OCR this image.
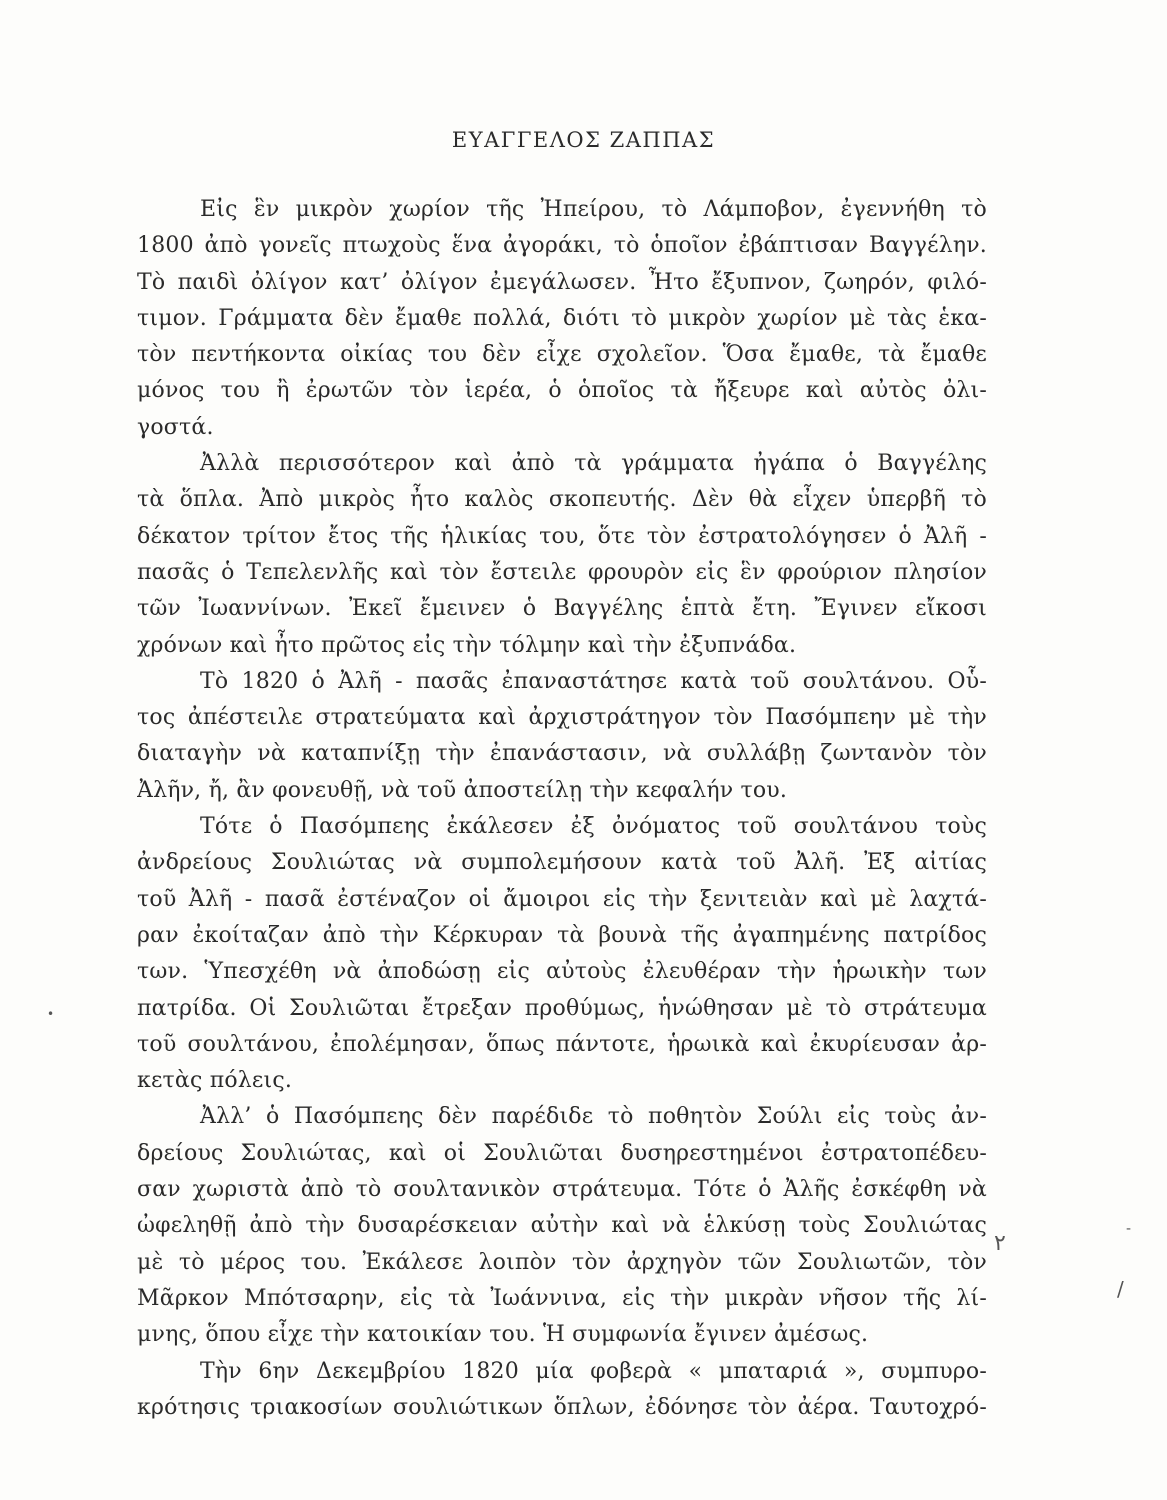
ΕΥΑΓΓΕΛΟΣ ΖΑΠΠΑΣ
Εἰς ἓν μικρὸν χωρίον τῆς Ἠπείρου, τὸ Λάμποβον, ἐγεννήθη τὸ
1800 ἀπὸ γονεῖς πτωχοὺς ἕνα ἀγοράκι, τὸ ὁποῖον ἐβάπτισαν Βαγγέλην.
Τὸ παιδὶ ὀλίγον κατ’ ὀλίγον ἐμεγάλωσεν. Ἦτο ἔξυπνον, ζωηρόν, φιλό-
τιμον. Γράμματα δὲν ἔμαθε πολλά, διότι τὸ μικρὸν χωρίον μὲ τὰς ἑκα-
τὸν πεντήκοντα οἰκίας του δὲν εἶχε σχολεῖον. Ὅσα ἔμαθε, τὰ ἔμαθε
μόνος του ἢ ἐρωτῶν τὸν ἱερέα, ὁ ὁποῖος τὰ ἤξευρε καὶ αὐτὸς ὀλι-
γοστά.
Ἀλλὰ περισσότερον καὶ ἀπὸ τὰ γράμματα ἠγάπα ὁ Βαγγέλης
τὰ ὅπλα. Ἀπὸ μικρὸς ἦτο καλὸς σκοπευτής. Δὲν θὰ εἶχεν ὑπερβῆ τὸ
δέκατον τρίτον ἔτος τῆς ἡλικίας του, ὅτε τὸν ἐστρατολόγησεν ὁ Ἀλῆ -
πασᾶς ὁ Τεπελενλῆς καὶ τὸν ἔστειλε φρουρὸν εἰς ἓν φρούριον πλησίον
τῶν Ἰωαννίνων. Ἐκεῖ ἔμεινεν ὁ Βαγγέλης ἑπτὰ ἔτη. Ἔγινεν εἴκοσι
χρόνων καὶ ἦτο πρῶτος εἰς τὴν τόλμην καὶ τὴν ἐξυπνάδα.
Τὸ 1820 ὁ Ἀλῆ - πασᾶς ἐπαναστάτησε κατὰ τοῦ σουλτάνου. Οὗ-
τος ἀπέστειλε στρατεύματα καὶ ἀρχιστράτηγον τὸν Πασόμπεην μὲ τὴν
διαταγὴν νὰ καταπνίξῃ τὴν ἐπανάστασιν, νὰ συλλάβῃ ζωντανὸν τὸν
Ἀλῆν, ἤ, ἂν φονευθῇ, νὰ τοῦ ἀποστείλῃ τὴν κεφαλήν του.
Τότε ὁ Πασόμπεης ἐκάλεσεν ἐξ ὀνόματος τοῦ σουλτάνου τοὺς
ἀνδρείους Σουλιώτας νὰ συμπολεμήσουν κατὰ τοῦ Ἀλῆ. Ἐξ αἰτίας
τοῦ Ἀλῆ - πασᾶ ἐστέναζον οἱ ἄμοιροι εἰς τὴν ξενιτειὰν καὶ μὲ λαχτά-
ραν ἐκοίταζαν ἀπὸ τὴν Κέρκυραν τὰ βουνὰ τῆς ἀγαπημένης πατρίδος
των. Ὑπεσχέθη νὰ ἀποδώσῃ εἰς αὐτοὺς ἐλευθέραν τὴν ἡρωικὴν των
πατρίδα. Οἱ Σουλιῶται ἔτρεξαν προθύμως, ἡνώθησαν μὲ τὸ στράτευμα
τοῦ σουλτάνου, ἐπολέμησαν, ὅπως πάντοτε, ἡρωικὰ καὶ ἐκυρίευσαν ἀρ-
κετὰς πόλεις.
Ἀλλ’ ὁ Πασόμπεης δὲν παρέδιδε τὸ ποθητὸν Σούλι εἰς τοὺς ἀν-
δρείους Σουλιώτας, καὶ οἱ Σουλιῶται δυσηρεστημένοι ἐστρατοπέδευ-
σαν χωριστὰ ἀπὸ τὸ σουλτανικὸν στράτευμα. Τότε ὁ Ἀλῆς ἐσκέφθη νὰ
ὠφεληθῇ ἀπὸ τὴν δυσαρέσκειαν αὐτὴν καὶ νὰ ἑλκύσῃ τοὺς Σουλιώτας
μὲ τὸ μέρος του. Ἐκάλεσε λοιπὸν τὸν ἀρχηγὸν τῶν Σουλιωτῶν, τὸν
Μᾶρκον Μπότσαρην, εἰς τὰ Ἰωάννινα, εἰς τὴν μικρὰν νῆσον τῆς λί-
μνης, ὅπου εἶχε τὴν κατοικίαν του. Ἡ συμφωνία ἔγινεν ἀμέσως.
Τὴν 6ην Δεκεμβρίου 1820 μία φοβερὰ « μπαταριά », συμπυρο-
κρότησις τριακοσίων σουλιώτικων ὅπλων, ἐδόνησε τὸν ἀέρα. Ταυτοχρό-
•
-
/
٢
